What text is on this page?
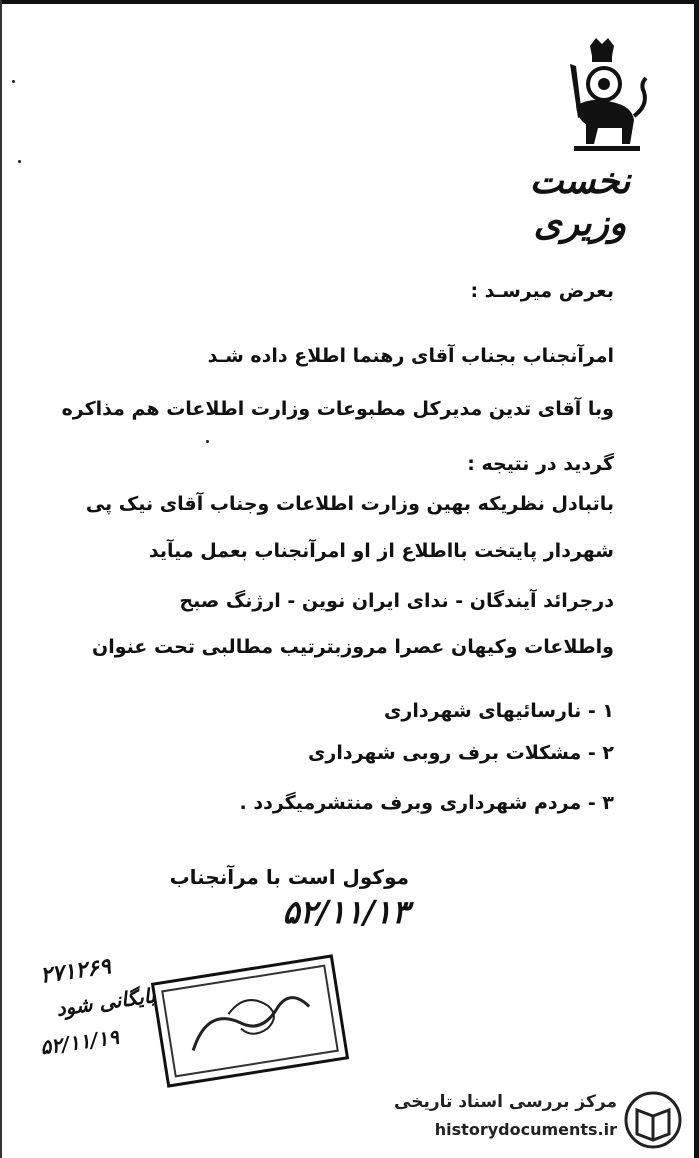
نخست وزیری
بعرض میرسـد :
امرآنجناب بجناب آقای رهنما اطلاع داده شـد
وبا آقای تدین مدیرکل مطبوعات وزارت اطلاعات هم مذاکره
گردید در نتیجه :
باتبادل نظریکه بهین وزارت اطلاعات وجناب آقای نیک پی
شهردار پایتخت بااطلاع از او امرآنجناب بعمل میآید
درجرائد آیندگان - ندای ایران نوین - ارژنگ صبح
واطلاعات وکیهان عصرا مروزبترتیب مطالبی تحت عنوان
۱ - نارسائیهای شهرداری
۲ - مشکلات برف روبی شهرداری
۳ - مردم شهرداری وبرف منتشرمیگردد .
موکول است با مرآنجناب
۵۲/۱۱/۱۳
۲۷۱۲۶۹
بایگانی شود
۵۲/۱۱/۱۹
مرکز بررسی اسناد تاریخی
historydocuments.ir
